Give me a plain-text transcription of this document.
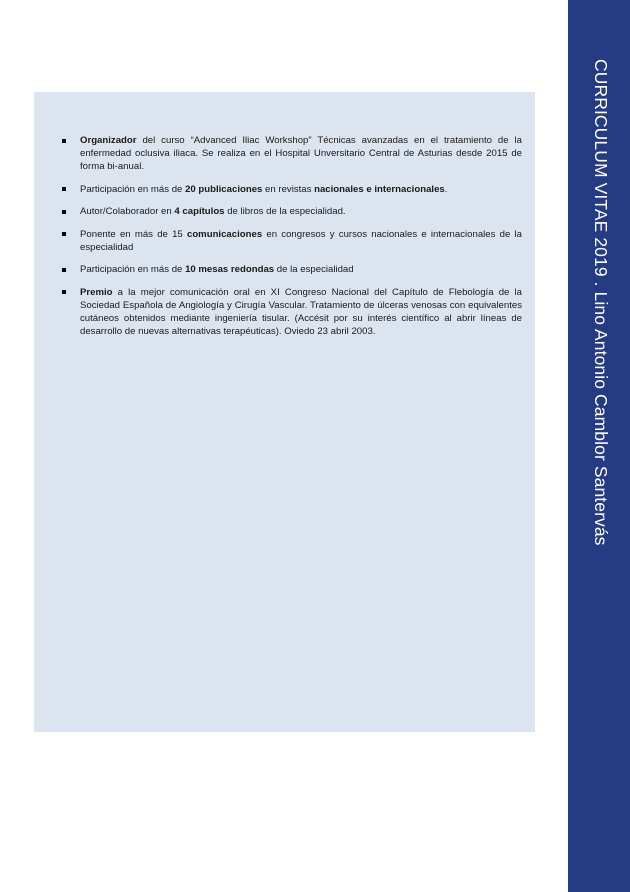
Organizador del curso “Advanced Iliac Workshop” Técnicas avanzadas en el tratamiento de la enfermedad oclusiva iliaca. Se realiza en el Hospital Unversitario Central de Asturias desde 2015 de forma bi-anual.
Participación en más de 20 publicaciones en revistas nacionales e internacionales.
Autor/Colaborador en 4 capítulos de libros de la especialidad.
Ponente en más de 15 comunicaciones en congresos y cursos nacionales e internacionales de la especialidad
Participación en más de 10 mesas redondas de la especialidad
Premio a la mejor comunicación oral en XI Congreso Nacional del Capítulo de Flebología de la Sociedad Española de Angiología y Cirugía Vascular. Tratamiento de úlceras venosas con equivalentes cutáneos obtenidos mediante ingeniería tisular. (Accésit por su interés científico al abrir líneas de desarrollo de nuevas alternativas terapéuticas). Oviedo 23 abril 2003.	CURRICULUM VITAE 2019 . Lino Antonio Camblor Santervás
